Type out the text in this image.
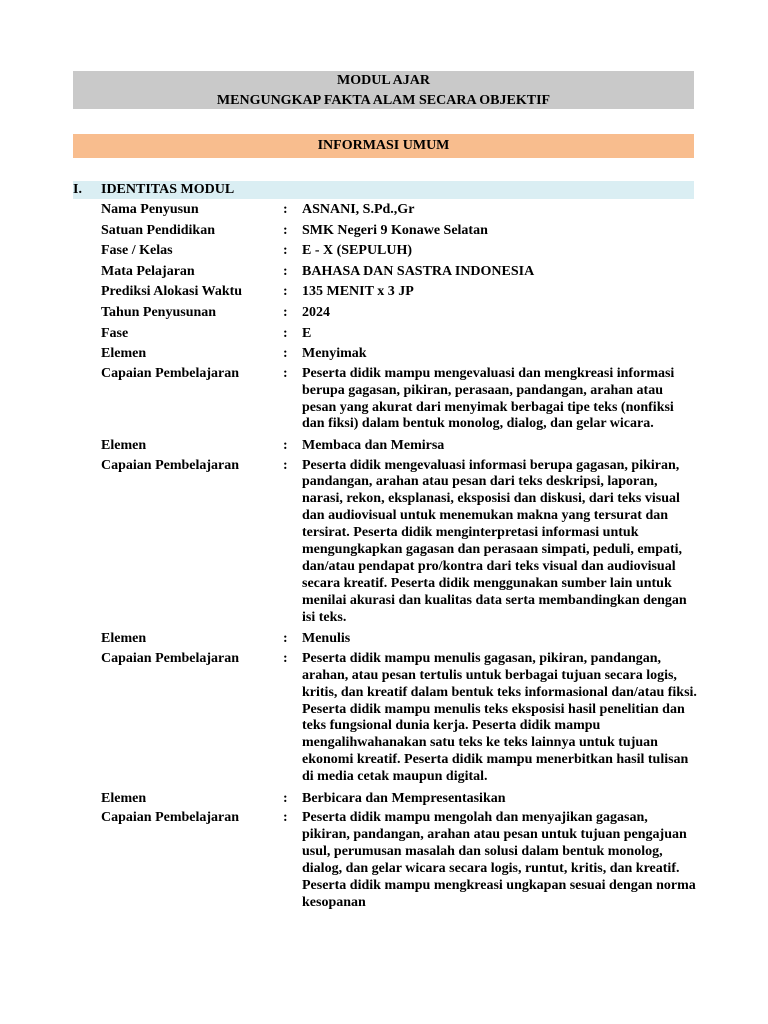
MODUL AJAR
MENGUNGKAP FAKTA ALAM SECARA OBJEKTIF
INFORMASI UMUM
I. IDENTITAS MODUL
Nama Penyusun	: ASNANI, S.Pd.,Gr
Satuan Pendidikan	: SMK Negeri 9 Konawe Selatan
Fase / Kelas	: E - X (SEPULUH)
Mata Pelajaran	: BAHASA DAN SASTRA INDONESIA
Prediksi Alokasi Waktu	: 135 MENIT x 3 JP
Tahun Penyusunan	: 2024
Fase	: E
Elemen	: Menyimak
Capaian Pembelajaran	: Peserta didik mampu mengevaluasi dan mengkreasi informasi berupa gagasan, pikiran, perasaan, pandangan, arahan atau pesan yang akurat dari menyimak berbagai tipe teks (nonfiksi dan fiksi) dalam bentuk monolog, dialog, dan gelar wicara.
Elemen	: Membaca dan Memirsa
Capaian Pembelajaran	: Peserta didik mengevaluasi informasi berupa gagasan, pikiran, pandangan, arahan atau pesan dari teks deskripsi, laporan, narasi, rekon, eksplanasi, eksposisi dan diskusi, dari teks visual dan audiovisual untuk menemukan makna yang tersurat dan tersirat. Peserta didik menginterpretasi informasi untuk mengungkapkan gagasan dan perasaan simpati, peduli, empati, dan/atau pendapat pro/kontra dari teks visual dan audiovisual secara kreatif. Peserta didik menggunakan sumber lain untuk menilai akurasi dan kualitas data serta membandingkan dengan isi teks.
Elemen	: Menulis
Capaian Pembelajaran	: Peserta didik mampu menulis gagasan, pikiran, pandangan, arahan, atau pesan tertulis untuk berbagai tujuan secara logis, kritis, dan kreatif dalam bentuk teks informasional dan/atau fiksi. Peserta didik mampu menulis teks eksposisi hasil penelitian dan teks fungsional dunia kerja. Peserta didik mampu mengalihwahanakan satu teks ke teks lainnya untuk tujuan ekonomi kreatif. Peserta didik mampu menerbitkan hasil tulisan di media cetak maupun digital.
Elemen	: Berbicara dan Mempresentasikan
Capaian Pembelajaran	: Peserta didik mampu mengolah dan menyajikan gagasan, pikiran, pandangan, arahan atau pesan untuk tujuan pengajuan usul, perumusan masalah dan solusi dalam bentuk monolog, dialog, dan gelar wicara secara logis, runtut, kritis, dan kreatif. Peserta didik mampu mengkreasi ungkapan sesuai dengan norma kesopanan
